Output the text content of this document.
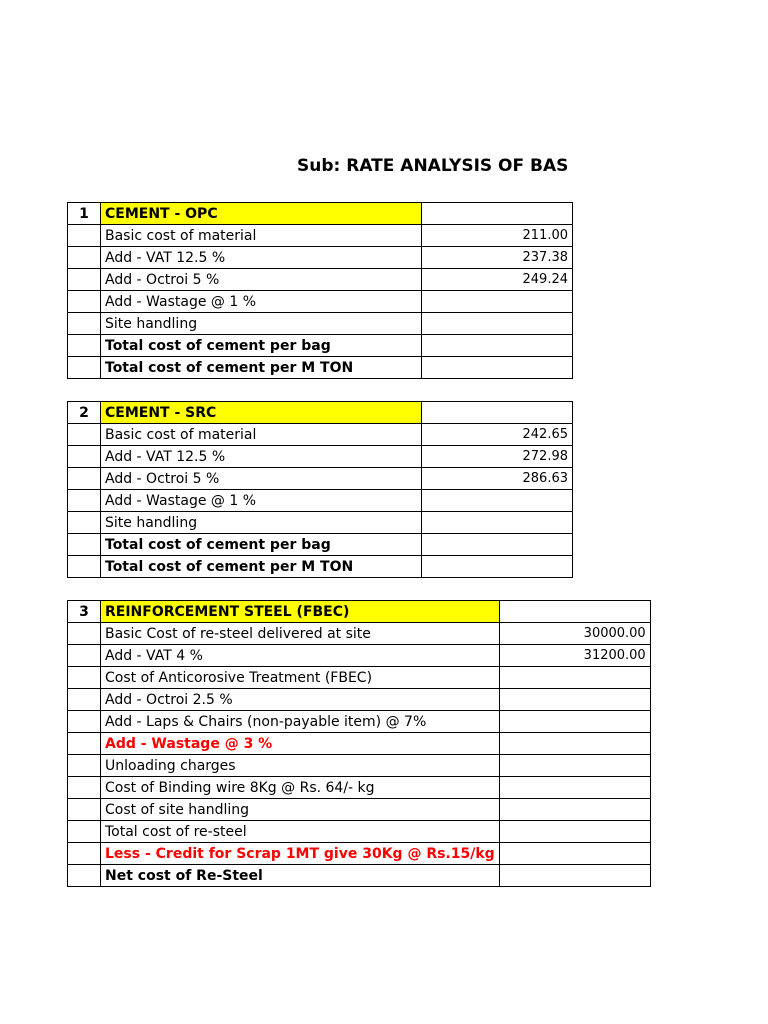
Sub: RATE ANALYSIS OF BAS
1	CEMENT - OPC	
	Basic cost of material	211.00
	Add - VAT 12.5 %	237.38
	Add - Octroi 5 %	249.24
	Add - Wastage @ 1 %	
	Site handling	
	Total cost of cement per bag	
	Total cost of cement per M TON	
2	CEMENT - SRC	
	Basic cost of material	242.65
	Add - VAT 12.5 %	272.98
	Add - Octroi 5 %	286.63
	Add - Wastage @ 1 %	
	Site handling	
	Total cost of cement per bag	
	Total cost of cement per M TON	
3	REINFORCEMENT STEEL (FBEC)	
	Basic Cost of re-steel delivered at site	30000.00
	Add - VAT 4 %	31200.00
	Cost of Anticorosive Treatment (FBEC)	
	Add - Octroi 2.5 %	
	Add - Laps & Chairs (non-payable item) @ 7%	
	Add - Wastage @ 3 %	
	Unloading charges	
	Cost of Binding wire 8Kg @ Rs. 64/- kg	
	Cost of site handling	
	Total cost of re-steel	
	Less - Credit for Scrap 1MT give 30Kg @ Rs.15/kg	
	Net cost of Re-Steel	
